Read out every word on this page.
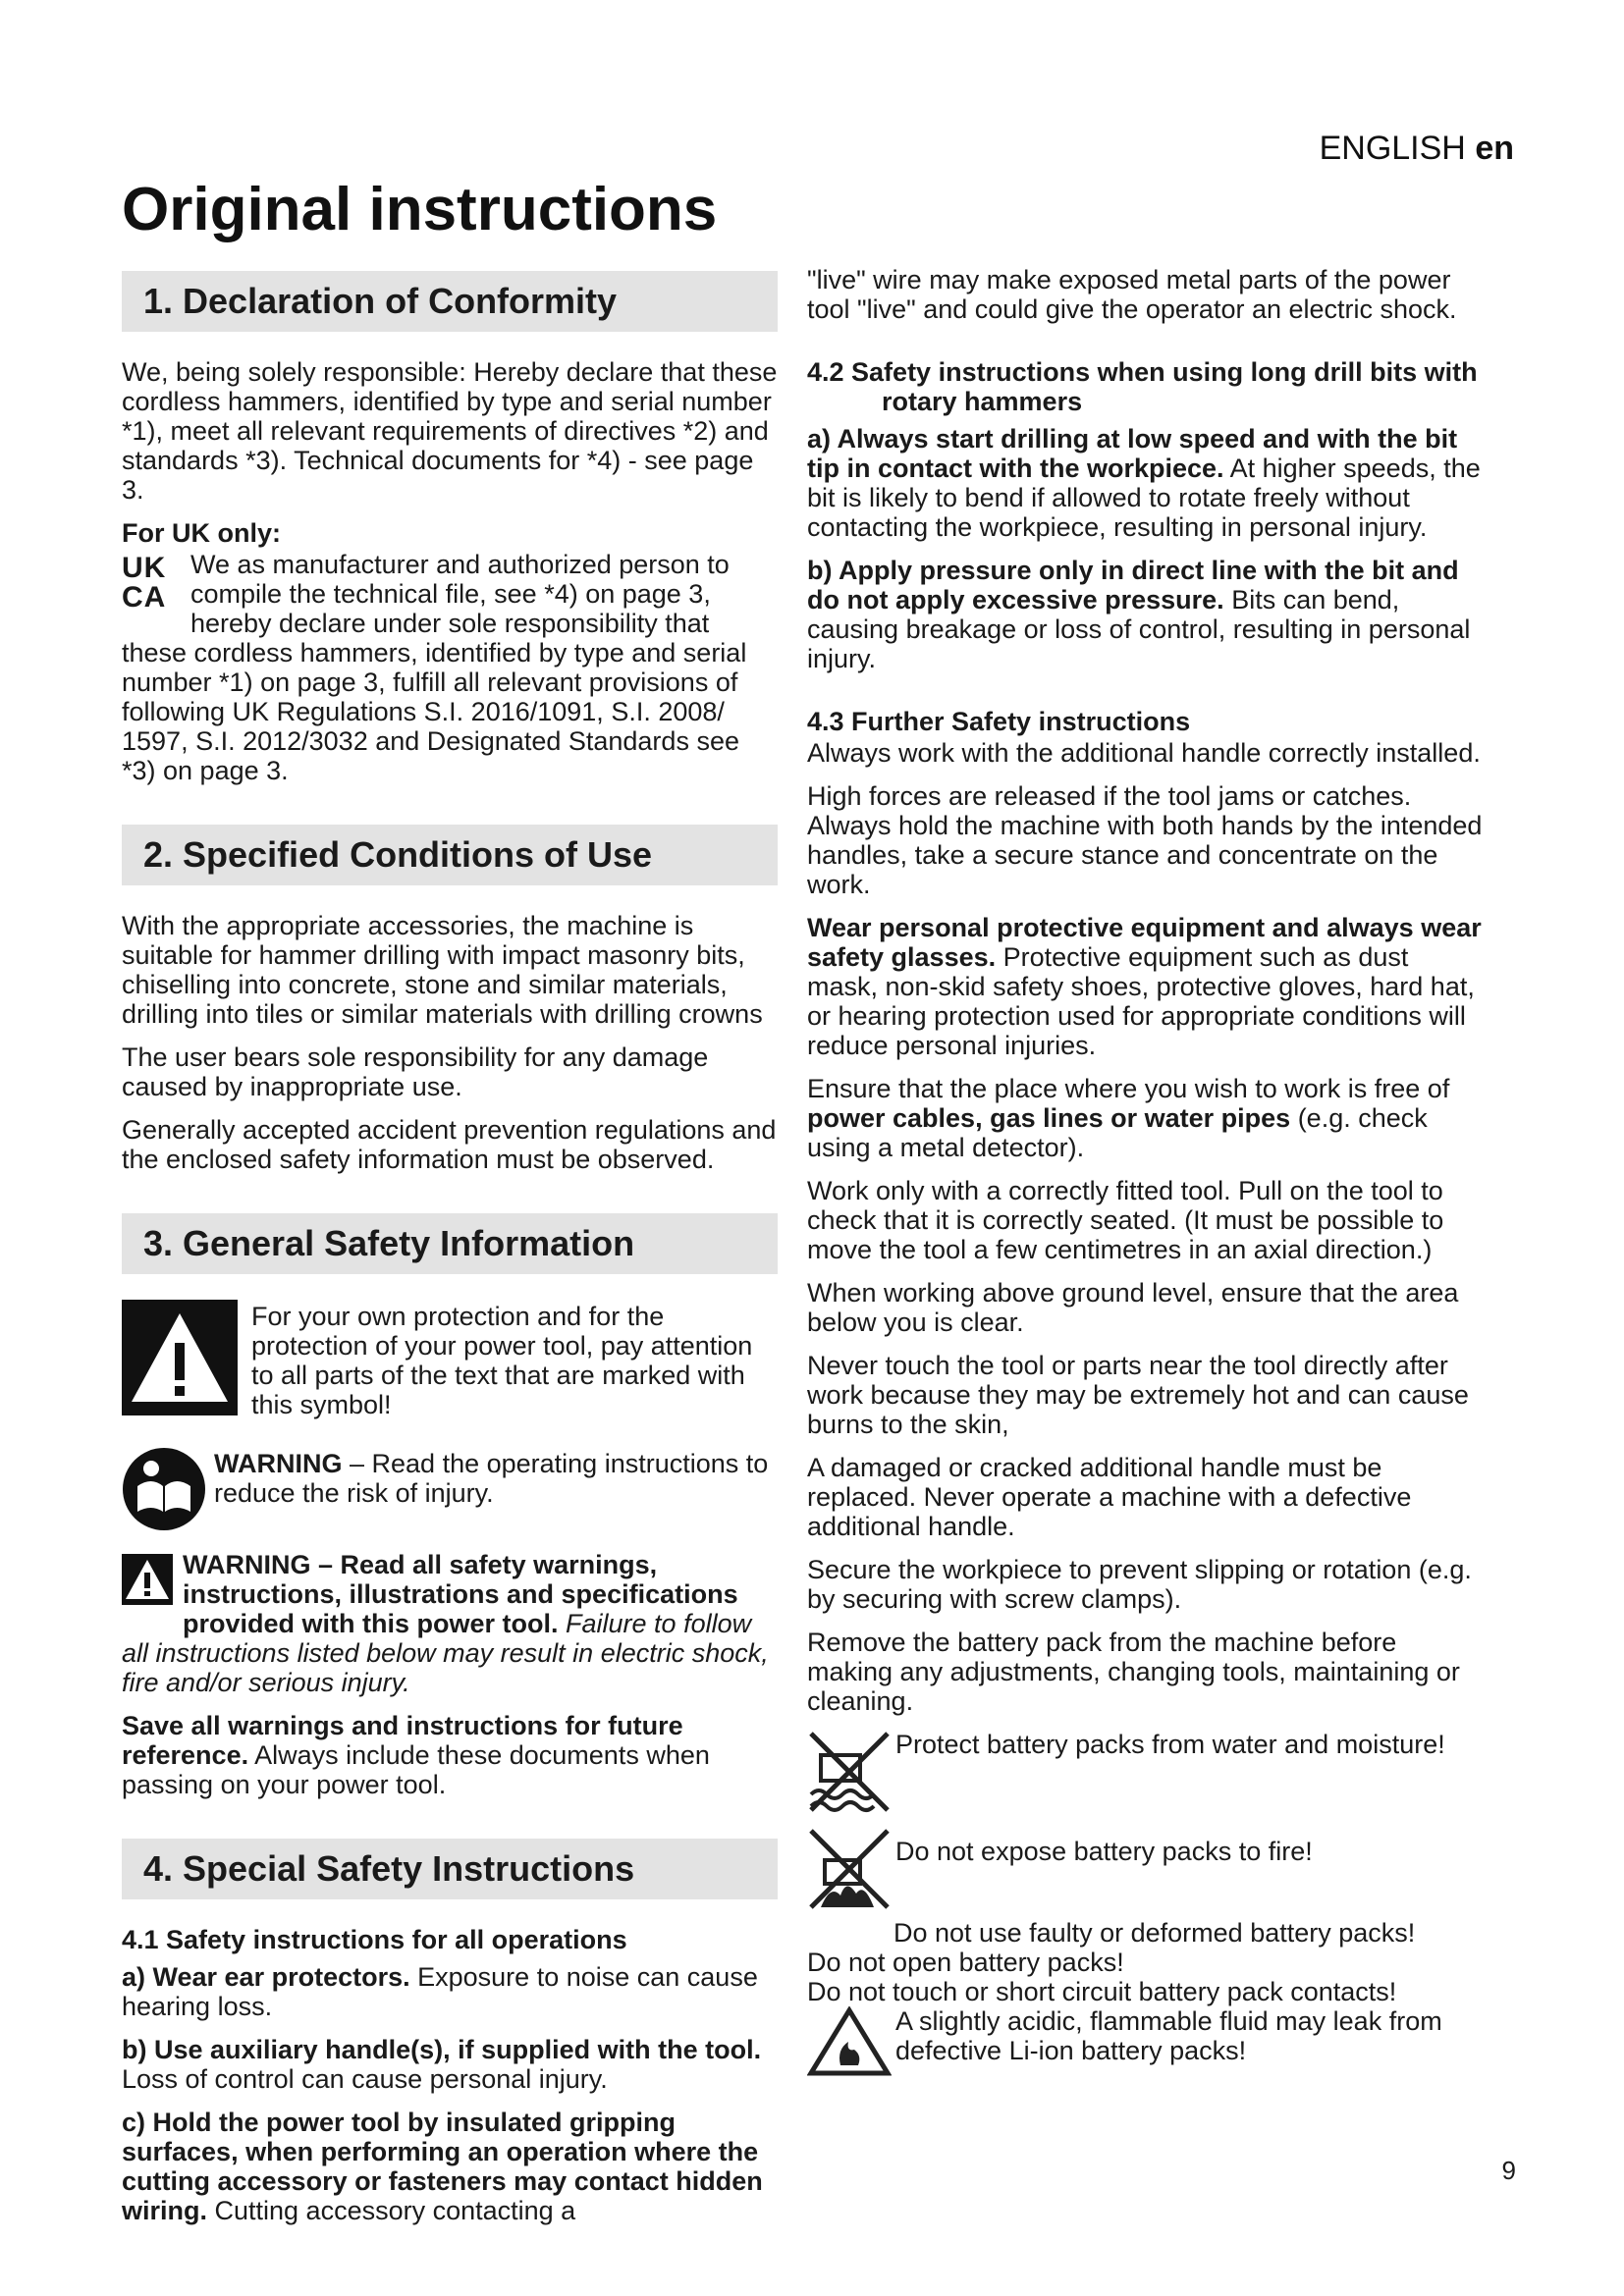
ENGLISH en
Original instructions
1. Declaration of Conformity

We, being solely responsible: Hereby declare that these cordless hammers, identified by type and serial number *1), meet all relevant requirements of directives *2) and standards *3). Technical documents for *4) - see page 3.

For UK only:
UK
CA

We as manufacturer and authorized person to compile the technical file, see *4) on page 3, hereby declare under sole responsibility that these cordless hammers, identified by type and serial number *1) on page 3, fulfill all relevant provisions of following UK Regulations S.I. 2016/1091, S.I. 2008/ 1597, S.I. 2012/3032 and Designated Standards see *3) on page 3.

2. Specified Conditions of Use

With the appropriate accessories, the machine is suitable for hammer drilling with impact masonry bits, chiselling into concrete, stone and similar materials, drilling into tiles or similar materials with drilling crowns

The user bears sole responsibility for any damage caused by inappropriate use.

Generally accepted accident prevention regulations and the enclosed safety information must be observed.

3. General Safety Information

For your own protection and for the protection of your power tool, pay attention to all parts of the text that are marked with this symbol!

WARNING – Read the operating instructions to reduce the risk of injury.

WARNING – Read all safety warnings, instructions, illustrations and specifications provided with this power tool. Failure to follow all instructions listed below may result in electric shock, fire and/or serious injury.

Save all warnings and instructions for future reference. Always include these documents when passing on your power tool.

4. Special Safety Instructions
4.1 Safety instructions for all operations

a) Wear ear protectors. Exposure to noise can cause hearing loss.

b) Use auxiliary handle(s), if supplied with the tool. Loss of control can cause personal injury.

c) Hold the power tool by insulated gripping surfaces, when performing an operation where the cutting accessory or fasteners may contact hidden wiring. Cutting accessory contacting a

"live" wire may make exposed metal parts of the power tool "live" and could give the operator an electric shock.

4.2 Safety instructions when using long drill bits with rotary hammers

a) Always start drilling at low speed and with the bit tip in contact with the workpiece. At higher speeds, the bit is likely to bend if allowed to rotate freely without contacting the workpiece, resulting in personal injury.

b) Apply pressure only in direct line with the bit and do not apply excessive pressure. Bits can bend, causing breakage or loss of control, resulting in personal injury.

4.3 Further Safety instructions

Always work with the additional handle correctly installed.

High forces are released if the tool jams or catches. Always hold the machine with both hands by the intended handles, take a secure stance and concentrate on the work.

Wear personal protective equipment and always wear safety glasses. Protective equipment such as dust mask, non-skid safety shoes, protective gloves, hard hat, or hearing protection used for appropriate conditions will reduce personal injuries.

Ensure that the place where you wish to work is free of power cables, gas lines or water pipes (e.g. check using a metal detector).

Work only with a correctly fitted tool. Pull on the tool to check that it is correctly seated. (It must be possible to move the tool a few centimetres in an axial direction.)

When working above ground level, ensure that the area below you is clear.

Never touch the tool or parts near the tool directly after work because they may be extremely hot and can cause burns to the skin,

A damaged or cracked additional handle must be replaced. Never operate a machine with a defective additional handle.

Secure the workpiece to prevent slipping or rotation (e.g. by securing with screw clamps).

Remove the battery pack from the machine before making any adjustments, changing tools, maintaining or cleaning.

Protect battery packs from water and moisture!

Do not expose battery packs to fire!

Do not use faulty or deformed battery packs!

Do not open battery packs!

Do not touch or short circuit battery pack contacts!

A slightly acidic, flammable fluid may leak from defective Li-ion battery packs!

9
